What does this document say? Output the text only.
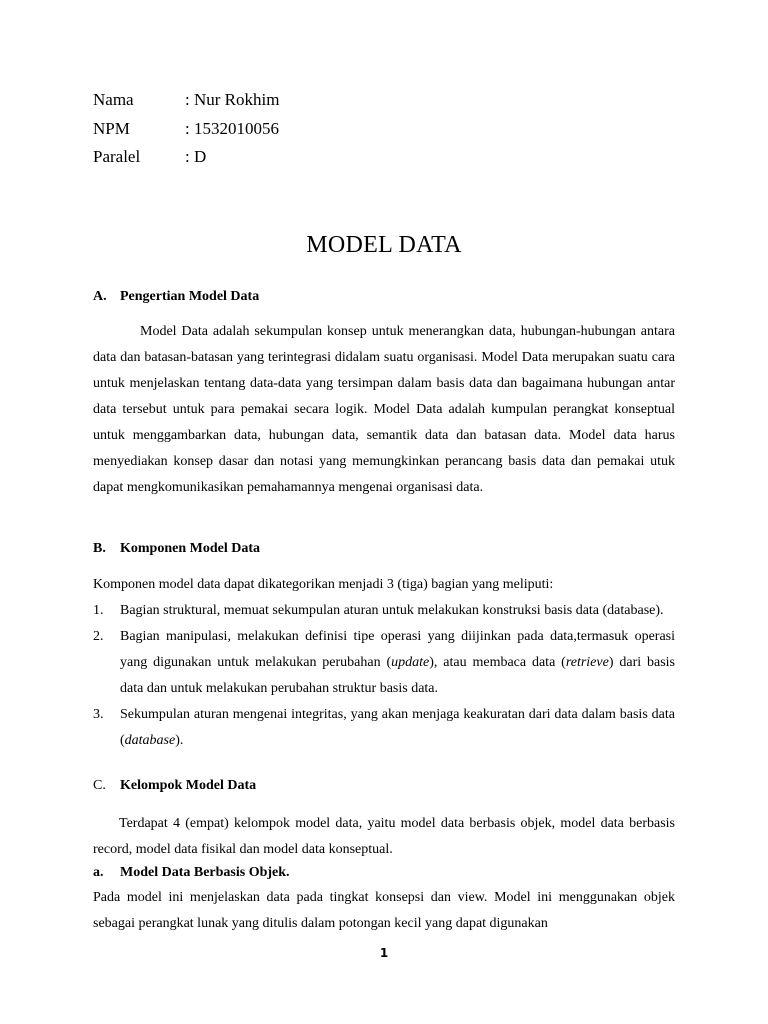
Nama	: Nur Rokhim
NPM	: 1532010056
Paralel	: D
MODEL DATA
A. Pengertian Model Data

Model Data adalah sekumpulan konsep untuk menerangkan data, hubungan-hubungan antara data dan batasan-batasan yang terintegrasi didalam suatu organisasi. Model Data merupakan suatu cara untuk menjelaskan tentang data-data yang tersimpan dalam basis data dan bagaimana hubungan antar data tersebut untuk para pemakai secara logik. Model Data adalah kumpulan perangkat konseptual untuk menggambarkan data, hubungan data, semantik data dan batasan data. Model data harus menyediakan konsep dasar dan notasi yang memungkinkan perancang basis data dan pemakai utuk dapat mengkomunikasikan pemahamannya mengenai organisasi data.

B. Komponen Model Data

Komponen model data dapat dikategorikan menjadi 3 (tiga) bagian yang meliputi:

1.	Bagian struktural, memuat sekumpulan aturan untuk melakukan konstruksi basis data (database).
2.	Bagian manipulasi, melakukan definisi tipe operasi yang diijinkan pada data,termasuk operasi yang digunakan untuk melakukan perubahan (update), atau membaca data (retrieve) dari basis data dan untuk melakukan perubahan struktur basis data.
3.	Sekumpulan aturan mengenai integritas, yang akan menjaga keakuratan dari data dalam basis data (database).
C. Kelompok Model Data

Terdapat 4 (empat) kelompok model data, yaitu model data berbasis objek, model data berbasis record, model data fisikal dan model data konseptual.

a. Model Data Berbasis Objek.

Pada model ini menjelaskan data pada tingkat konsepsi dan view. Model ini menggunakan objek sebagai perangkat lunak yang ditulis dalam potongan kecil yang dapat digunakan

1
